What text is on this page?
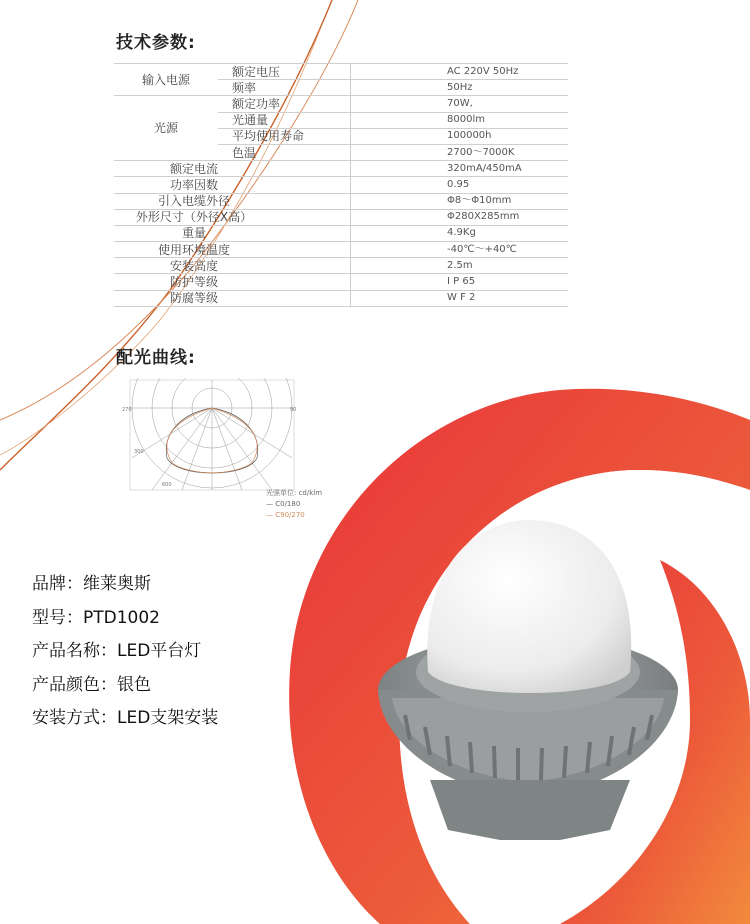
技术参数:
输入电源	额定电压	AC 220V 50Hz
	频率	50Hz
光源	额定功率	70W,
	光通量	8000lm
	平均使用寿命	100000h
	色温	2700～7000K
额定电流		320mA/450mA
功率因数		0.95
引入电缆外径		Φ8～Φ10mm
外形尺寸（外径X高）		Φ280X285mm
重量		4.9Kg
使用环境温度		-40℃～+40℃
安装高度		2.5m
防护等级		I P 65
防腐等级		W F 2
配光曲线:
270	90
300
600
光强单位: cd/klm
— C0/180
— C90/270
品牌：维莱奥斯
型号：PTD1002
产品名称：LED平台灯
产品颜色：银色
安装方式：LED支架安装
